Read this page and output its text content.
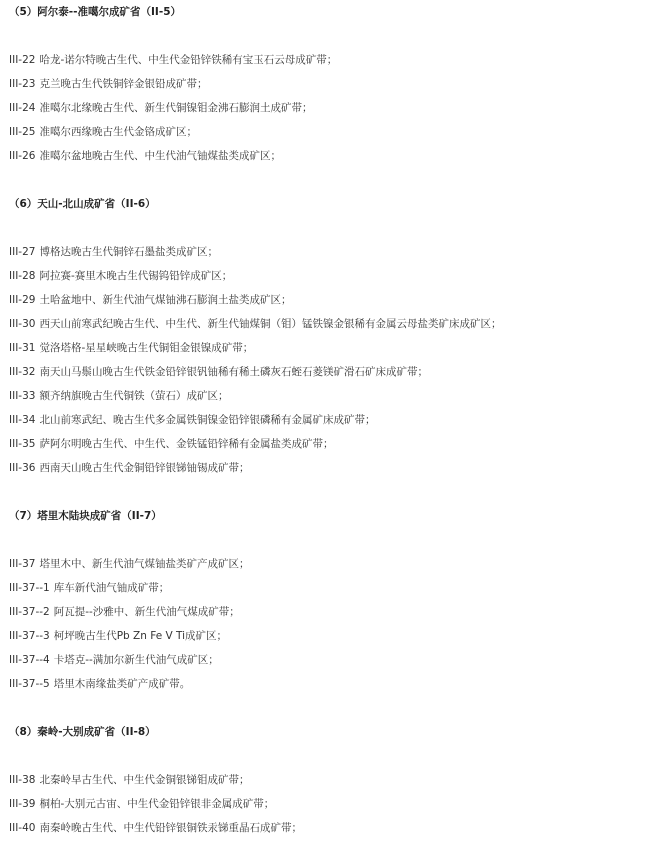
（5）阿尔泰--准噶尔成矿省（II-5）
III-22 哈龙-诺尔特晚古生代、中生代金铅锌铁稀有宝玉石云母成矿带；
III-23 克兰晚古生代铁铜锌金银铅成矿带；
III-24 准噶尔北缘晚古生代、新生代铜镍钼金沸石膨润土成矿带；
III-25 准噶尔西缘晚古生代金铬成矿区；
III-26 准噶尔盆地晚古生代、中生代油气铀煤盐类成矿区；
（6）天山-北山成矿省（II-6）
III-27 博格达晚古生代铜锌石墨盐类成矿区；
III-28 阿拉赛-赛里木晚古生代锡钨铅锌成矿区；
III-29 土哈盆地中、新生代油气煤铀沸石膨润土盐类成矿区；
III-30 西天山前寒武纪晚古生代、中生代、新生代铀煤铜（钼）锰铁镍金银稀有金属云母盐类矿床成矿区；
III-31 觉洛塔格-星星峡晚古生代铜钼金银镍成矿带；
III-32 南天山马鬃山晚古生代铁金铅锌银钒铀稀有稀土磷灰石蛭石菱镁矿滑石矿床成矿带；
III-33 额齐纳旗晚古生代铜铁（萤石）成矿区；
III-34 北山前寒武纪、晚古生代多金属铁铜镍金铅锌银磷稀有金属矿床成矿带；
III-35 萨阿尔明晚古生代、中生代、金铁锰铅锌稀有金属盐类成矿带；
III-36 西南天山晚古生代金铜铅锌银锑铀锡成矿带；
（7）塔里木陆块成矿省（II-7）
III-37 塔里木中、新生代油气煤铀盐类矿产成矿区；
III-37--1 库车新代油气铀成矿带；
III-37--2 阿瓦提--沙雅中、新生代油气煤成矿带；
III-37--3 柯坪晚古生代Pb Zn Fe V Ti成矿区；
III-37--4 卡塔克--满加尔新生代油气成矿区；
III-37--5 塔里木南缘盐类矿产成矿带。
（8）秦岭-大别成矿省（II-8）
III-38 北秦岭早古生代、中生代金铜银锑钼成矿带；
III-39 桐柏-大别元古宙、中生代金铅锌银非金属成矿带；
III-40 南秦岭晚古生代、中生代铅锌银铜铁汞锑重晶石成矿带；
